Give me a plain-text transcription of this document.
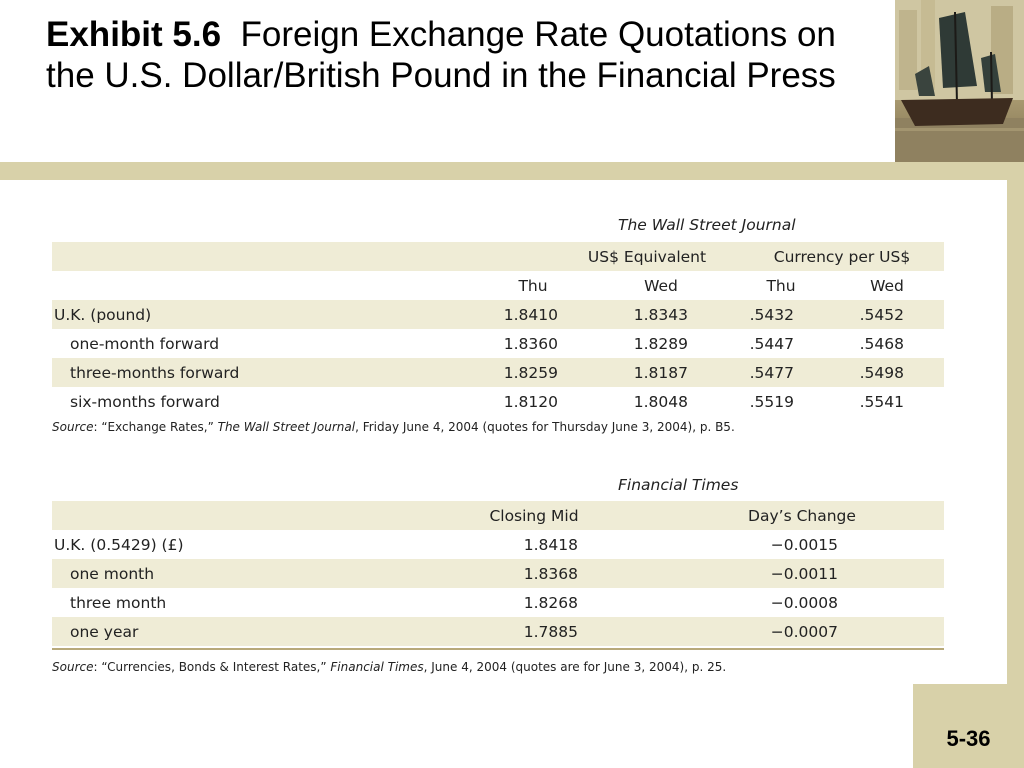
Exhibit 5.6 Foreign Exchange Rate Quotations on the U.S. Dollar/British Pound in the Financial Press
The Wall Street Journal
US$ Equivalent	Currency per US$
Thu	Wed	Thu	Wed
U.K. (pound)	1.8410	1.8343	.5432	.5452
one-month forward	1.8360	1.8289	.5447	.5468
three-months forward	1.8259	1.8187	.5477	.5498
six-months forward	1.8120	1.8048	.5519	.5541
Source: “Exchange Rates,” The Wall Street Journal, Friday June 4, 2004 (quotes for Thursday June 3, 2004), p. B5.
Financial Times
Closing Mid	Day’s Change
U.K. (0.5429) (£)	1.8418	−0.0015
one month	1.8368	−0.0011
three month	1.8268	−0.0008
one year	1.7885	−0.0007
Source: “Currencies, Bonds & Interest Rates,” Financial Times, June 4, 2004 (quotes are for June 3, 2004), p. 25.
5-36
